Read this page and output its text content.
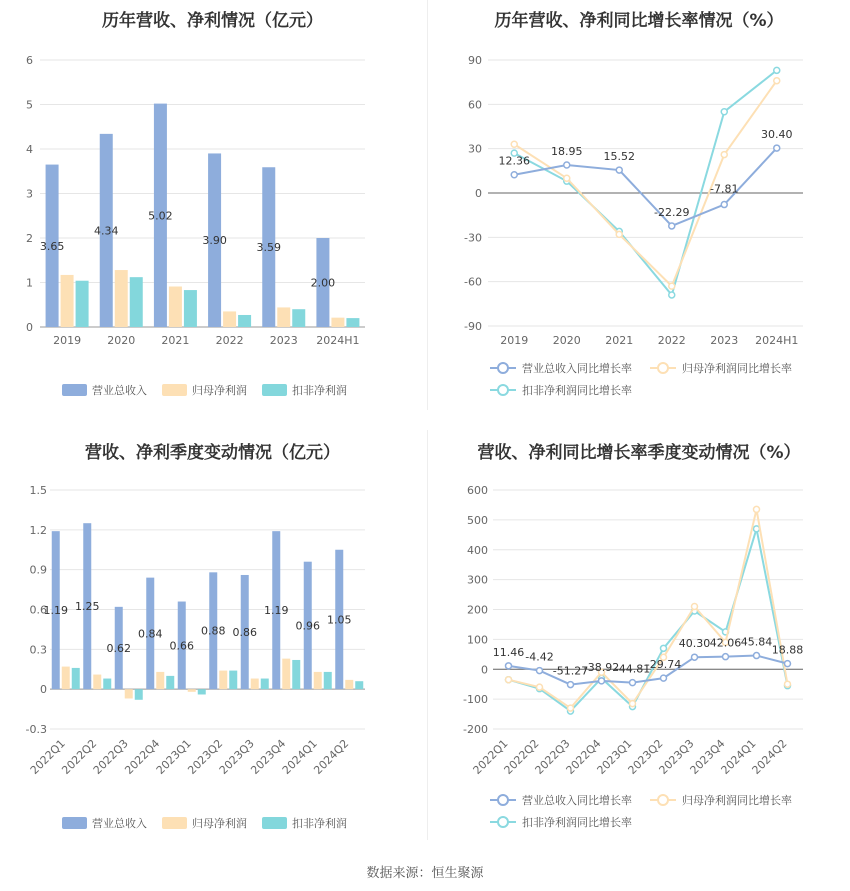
历年营收、净利情况（亿元）
0
1
2
3
4
5
6
3.65
4.34
5.02
3.90
3.59
2.00
2019 2020 2021 2022 2023 2024H1
营业总收入	归母净利润	扣非净利润
历年营收、净利同比增长率情况（%）
-90
-60
-30
0
30
60
90
12.36
18.95 15.52
-22.29
-7.81
30.40
2019 2020 2021 2022 2023 2024H1
营业总收入同比增长率	归母净利润同比增长率
扣非净利润同比增长率
营收、净利季度变动情况（亿元）
-0.3
0
0.3
0.6
0.9
1.2
1.5
1.19 1.25
0.62
0.84
0.66
0.88 0.86
1.19
0.96 1.05
2022Q1
2022Q2
2022Q3
2022Q4
2023Q1
2023Q2
2023Q3
2023Q4
2024Q1
2024Q2
营业总收入	归母净利润	扣非净利润
营收、净利同比增长率季度变动情况（%）
-200
-100
0
100
200
300
400
500
600
11.46 -4.42
-51.27
-38.92
-44.81
-29.74
40.30 42.06 45.84
18.88
2022Q1
2022Q2
2022Q3
2022Q4
2023Q1
2023Q2
2023Q3
2023Q4
2024Q1
2024Q2
营业总收入同比增长率	归母净利润同比增长率
扣非净利润同比增长率
数据来源：恒生聚源
